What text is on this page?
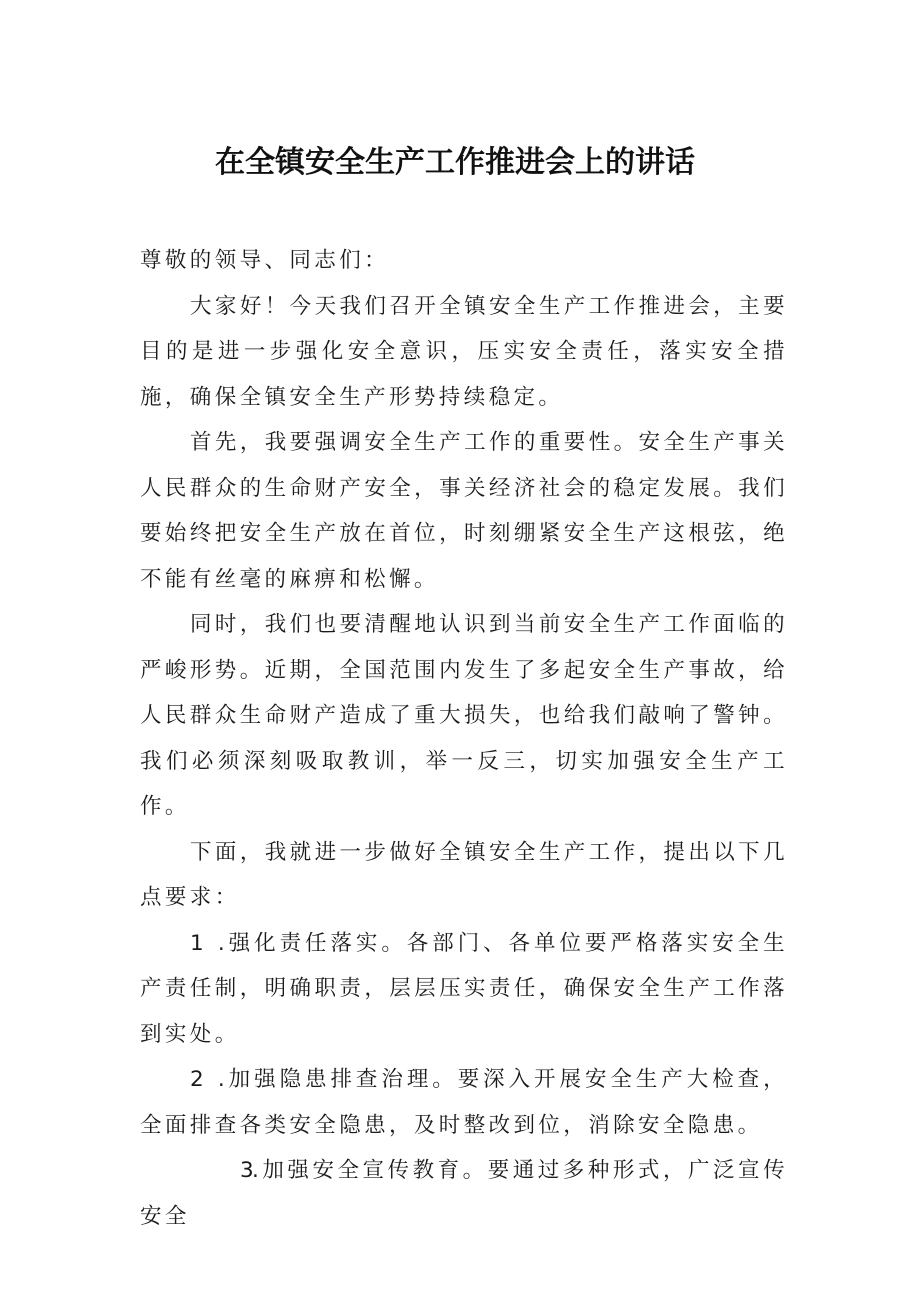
在全镇安全生产工作推进会上的讲话

尊敬的领导、同志们：

大家好！今天我们召开全镇安全生产工作推进会，主要目的是进一步强化安全意识，压实安全责任，落实安全措施，确保全镇安全生产形势持续稳定。

首先，我要强调安全生产工作的重要性。安全生产事关人民群众的生命财产安全，事关经济社会的稳定发展。我们要始终把安全生产放在首位，时刻绷紧安全生产这根弦，绝不能有丝毫的麻痹和松懈。

同时，我们也要清醒地认识到当前安全生产工作面临的严峻形势。近期，全国范围内发生了多起安全生产事故，给人民群众生命财产造成了重大损失，也给我们敲响了警钟。我们必须深刻吸取教训，举一反三，切实加强安全生产工作。

下面，我就进一步做好全镇安全生产工作，提出以下几点要求：

1 .强化责任落实。各部门、各单位要严格落实安全生产责任制，明确职责，层层压实责任，确保安全生产工作落到实处。

2 .加强隐患排查治理。要深入开展安全生产大检查，全面排查各类安全隐患，及时整改到位，消除安全隐患。

3.加强安全宣传教育。要通过多种形式，广泛宣传安全
